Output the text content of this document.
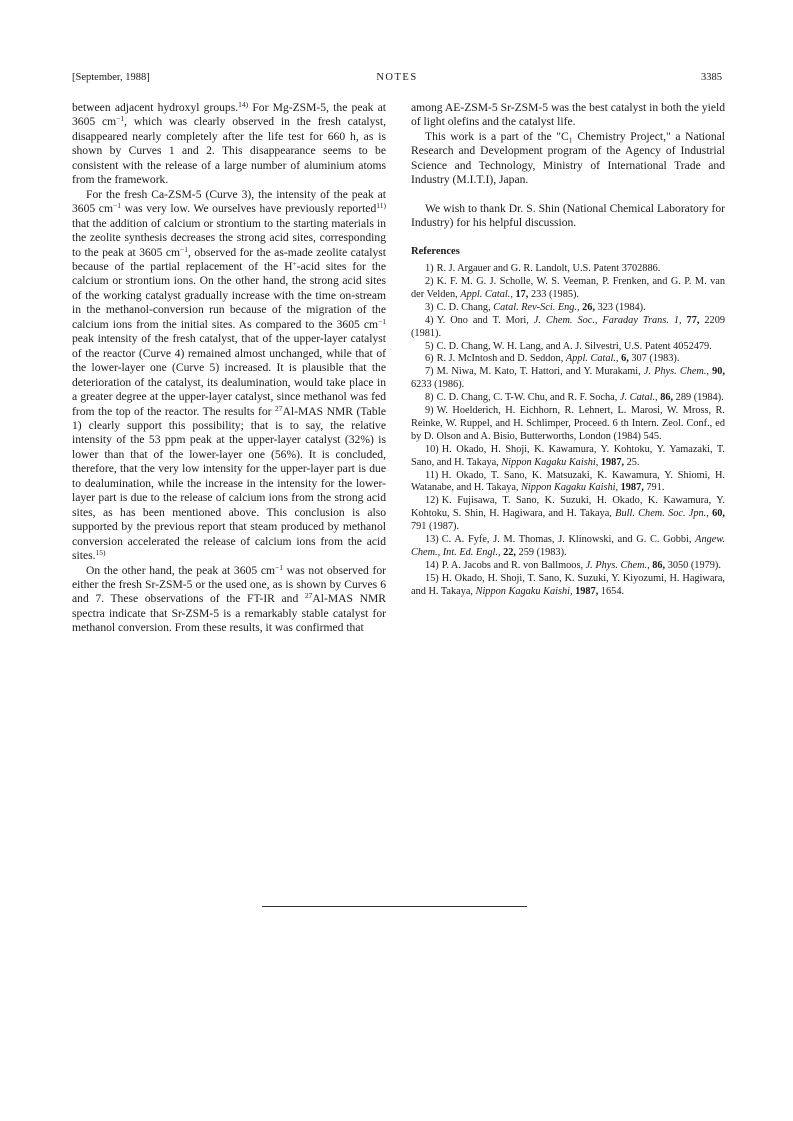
[September, 1988]	NOTES	3385

between adjacent hydroxyl groups.$^{14)}$ For Mg-ZSM-5, the peak at 3605 $cm^{-1}$, which was clearly observed in the fresh catalyst, disappeared nearly completely after the life test for 660 h, as is shown by Curves 1 and 2. This disappearance seems to be consistent with the release of a large number of aluminium atoms from the framework.

For the fresh Ca-ZSM-5 (Curve 3), the intensity of the peak at 3605 $cm^{-1}$ was very low. We ourselves have previously reported$^{11)}$ that the addition of calcium or strontium to the starting materials in the zeolite synthesis decreases the strong acid sites, corresponding to the peak at 3605 $cm^{-1}$, observed for the as-made zeolite catalyst because of the partial replacement of the H+-acid sites for the calcium or strontium ions. On the other hand, the strong acid sites of the working catalyst gradually increase with the time on-stream in the methanol-conversion run because of the migration of the calcium ions from the initial sites. As compared to the 3605 $cm^{-1}$ peak intensity of the fresh catalyst, that of the upper-layer catalyst of the reactor (Curve 4) remained almost unchanged, while that of the lower-layer one (Curve 5) increased. It is plausible that the deterioration of the catalyst, its dealumination, would take place in a greater degree at the upper-layer catalyst, since methanol was fed from the top of the reactor. The results for $^{27}$Al-MAS NMR (Table 1) clearly support this possibility; that is to say, the relative intensity of the 53 ppm peak at the upper-layer catalyst (32%) is lower than that of the lower-layer one (56%). It is concluded, therefore, that the very low intensity for the upper-layer part is due to dealumination, while the increase in the intensity for the lower-layer part is due to the release of calcium ions from the strong acid sites, as has been mentioned above. This conclusion is also supported by the previous report that steam produced by methanol conversion accelerated the release of calcium ions from the acid sites.$^{15)}$

On the other hand, the peak at 3605 $cm^{-1}$ was not observed for either the fresh Sr-ZSM-5 or the used one, as is shown by Curves 6 and 7. These observations of the FT-IR and $^{27}$Al-MAS NMR spectra indicate that Sr-ZSM-5 is a remarkably stable catalyst for methanol conversion. From these results, it was confirmed that

among AE-ZSM-5 Sr-ZSM-5 was the best catalyst in both the yield of light olefins and the catalyst life.

This work is a part of the "C₁ Chemistry Project," a National Research and Development program of the Agency of Industrial Science and Technology, Ministry of International Trade and Industry (M.I.T.I), Japan.

We wish to thank Dr. S. Shin (National Chemical Laboratory for Industry) for his helpful discussion.

References

1) R. J. Argauer and G. R. Landolt, U.S. Patent 3702886.

2) K. F. M. G. J. Scholle, W. S. Veeman, P. Frenken, and G. P. M. van der Velden, Appl. Catal., 17, 233 (1985).

3) C. D. Chang, Catal. Rev-Sci. Eng., 26, 323 (1984).

4) Y. Ono and T. Mori, J. Chem. Soc., Faraday Trans. 1, 77, 2209 (1981).

5) C. D. Chang, W. H. Lang, and A. J. Silvestri, U.S. Patent 4052479.

6) R. J. McIntosh and D. Seddon, Appl. Catal., 6, 307 (1983).

7) M. Niwa, M. Kato, T. Hattori, and Y. Murakami, J. Phys. Chem., 90, 6233 (1986).

8) C. D. Chang, C. T-W. Chu, and R. F. Socha, J. Catal., 86, 289 (1984).

9) W. Hoelderich, H. Eichhorn, R. Lehnert, L. Marosi, W. Mross, R. Reinke, W. Ruppel, and H. Schlimper, Proceed. 6 th Intern. Zeol. Conf., ed by D. Olson and A. Bisio, Butterworths, London (1984) 545.

10) H. Okado, H. Shoji, K. Kawamura, Y. Kohtoku, Y. Yamazaki, T. Sano, and H. Takaya, Nippon Kagaku Kaishi, 1987, 25.

11) H. Okado, T. Sano, K. Matsuzaki, K. Kawamura, Y. Shiomi, H. Watanabe, and H. Takaya, Nippon Kagaku Kaishi, 1987, 791.

12) K. Fujisawa, T. Sano, K. Suzuki, H. Okado, K. Kawamura, Y. Kohtoku, S. Shin, H. Hagiwara, and H. Takaya, Bull. Chem. Soc. Jpn., 60, 791 (1987).

13) C. A. Fyfe, J. M. Thomas, J. Klinowski, and G. C. Gobbi, Angew. Chem., Int. Ed. Engl., 22, 259 (1983).

14) P. A. Jacobs and R. von Ballmoos, J. Phys. Chem., 86, 3050 (1979).

15) H. Okado, H. Shoji, T. Sano, K. Suzuki, Y. Kiyozumi, H. Hagiwara, and H. Takaya, Nippon Kagaku Kaishi, 1987, 1654.
